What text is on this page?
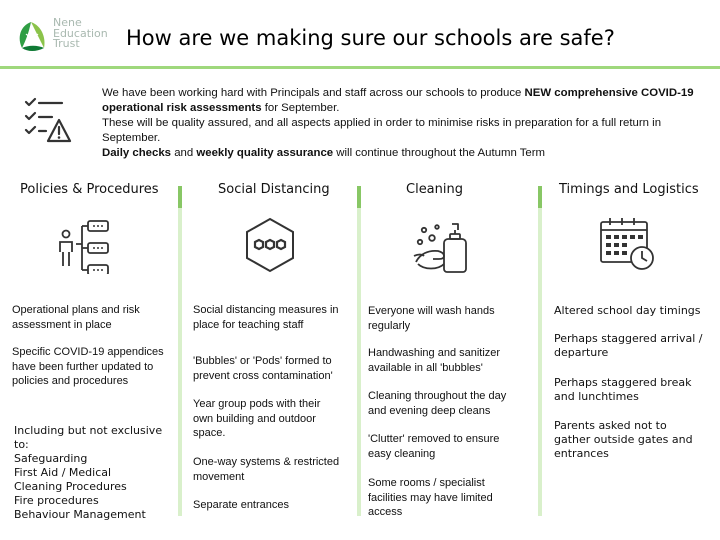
Nene
Education
Trust	How are we making sure our schools are safe?
We have been working hard with Principals and staff across our schools to produce NEW comprehensive COVID-19 operational risk assessments for September.
These will be quality assured, and all aspects applied in order to minimise risks in preparation for a full return in September.
Daily checks and weekly quality assurance will continue throughout the Autumn Term
Policies & Procedures	Social Distancing	Cleaning	Timings and Logistics
Operational plans and risk assessment in place
Specific COVID-19 appendices have been further updated to policies and procedures
Including but not exclusive
to:
Safeguarding
First Aid / Medical
Cleaning Procedures
Fire procedures
Behaviour Management
Social distancing measures in place for teaching staff
'Bubbles' or 'Pods' formed to prevent cross contamination'
Year group pods with their own building and outdoor space.
One-way systems & restricted movement
Separate entrances
Everyone will wash hands regularly
Handwashing and sanitizer available in all 'bubbles'
Cleaning throughout the day and evening deep cleans
'Clutter' removed to ensure easy cleaning
Some rooms / specialist facilities may have limited access
Altered school day timings
Perhaps staggered arrival / departure
Perhaps staggered break and lunchtimes
Parents asked not to gather outside gates and entrances
